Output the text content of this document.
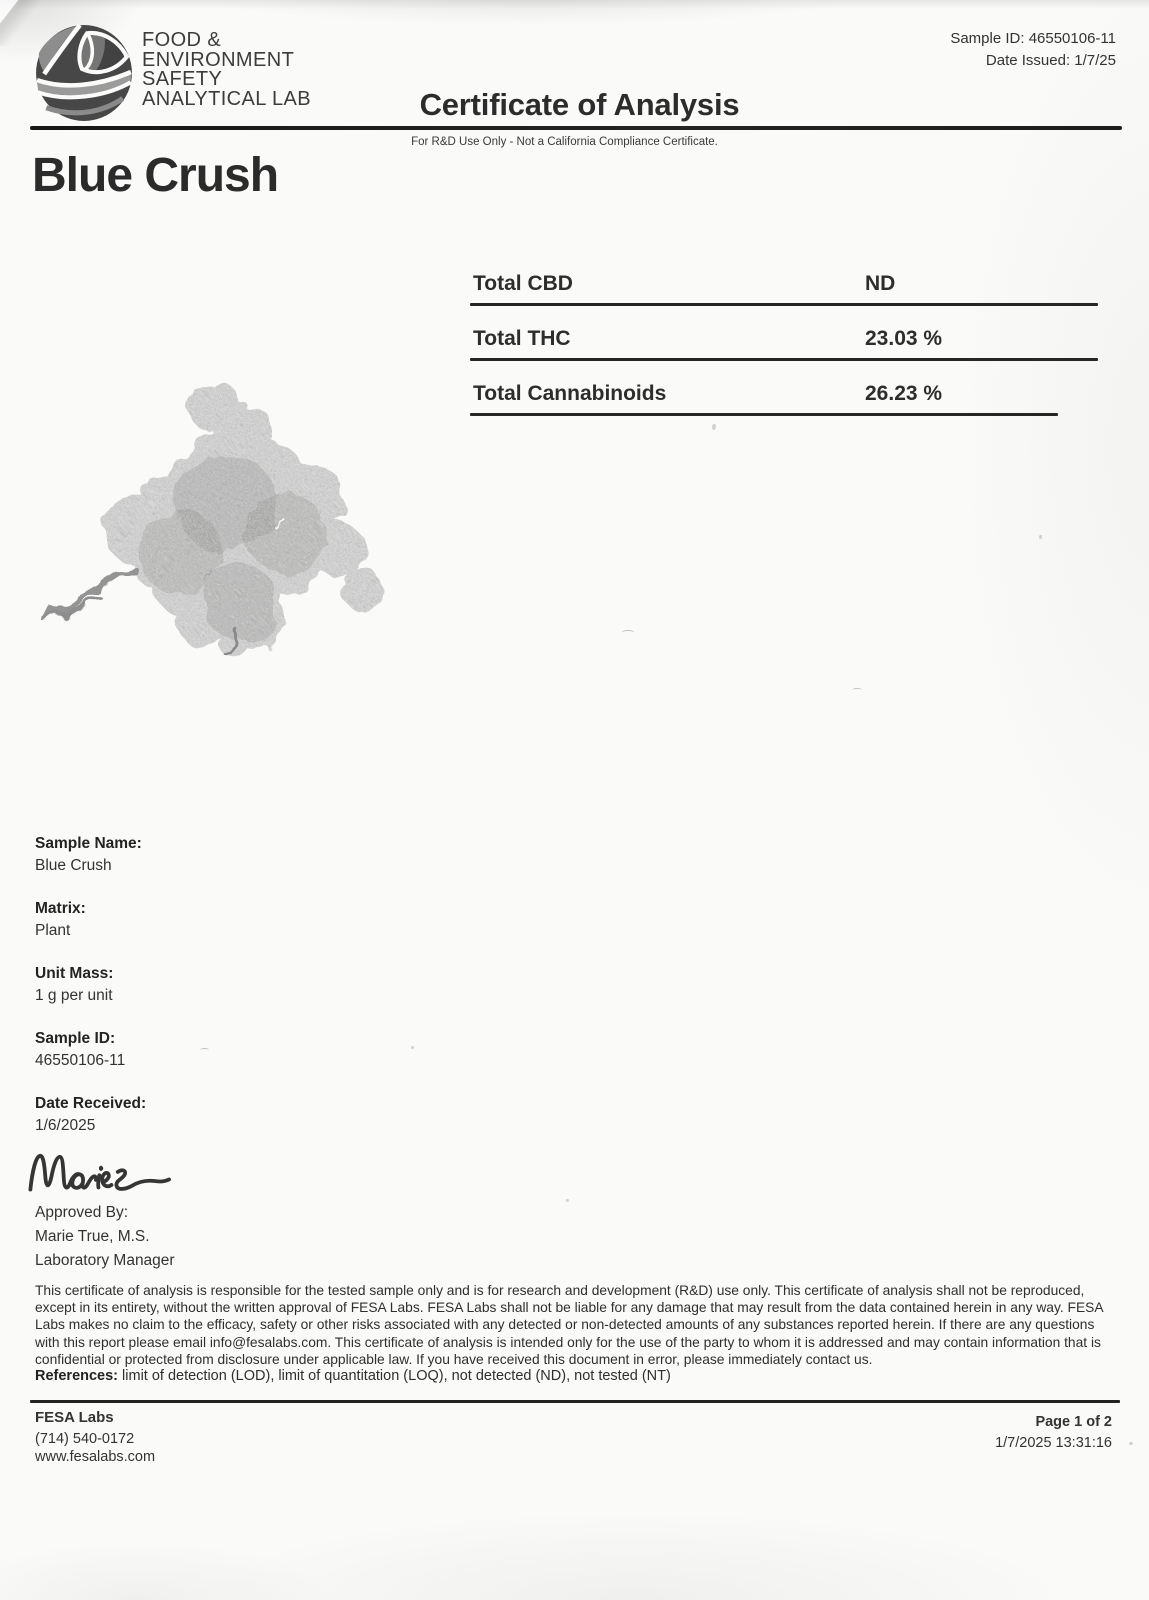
FOOD &
ENVIRONMENT
SAFETY
ANALYTICAL LAB
Sample ID: 46550106-11
Date Issued: 1/7/25
Certificate of Analysis
For R&D Use Only - Not a California Compliance Certificate.
Blue Crush
Total CBD	ND
Total THC	23.03 %
Total Cannabinoids	26.23 %
Sample Name:
Blue Crush
Matrix:
Plant
Unit Mass:
1 g per unit
Sample ID:
46550106-11
Date Received:
1/6/2025
Approved By:
Marie True, M.S.
Laboratory Manager
This certificate of analysis is responsible for the tested sample only and is for research and development (R&D) use only. This certificate of analysis shall not be reproduced, except in its entirety, without the written approval of FESA Labs. FESA Labs shall not be liable for any damage that may result from the data contained herein in any way. FESA Labs makes no claim to the efficacy, safety or other risks associated with any detected or non-detected amounts of any substances reported herein. If there are any questions with this report please email info@fesalabs.com. This certificate of analysis is intended only for the use of the party to whom it is addressed and may contain information that is confidential or protected from disclosure under applicable law. If you have received this document in error, please immediately contact us.
References: limit of detection (LOD), limit of quantitation (LOQ), not detected (ND), not tested (NT)
FESA Labs
(714) 540-0172
www.fesalabs.com
Page 1 of 2
1/7/2025 13:31:16
